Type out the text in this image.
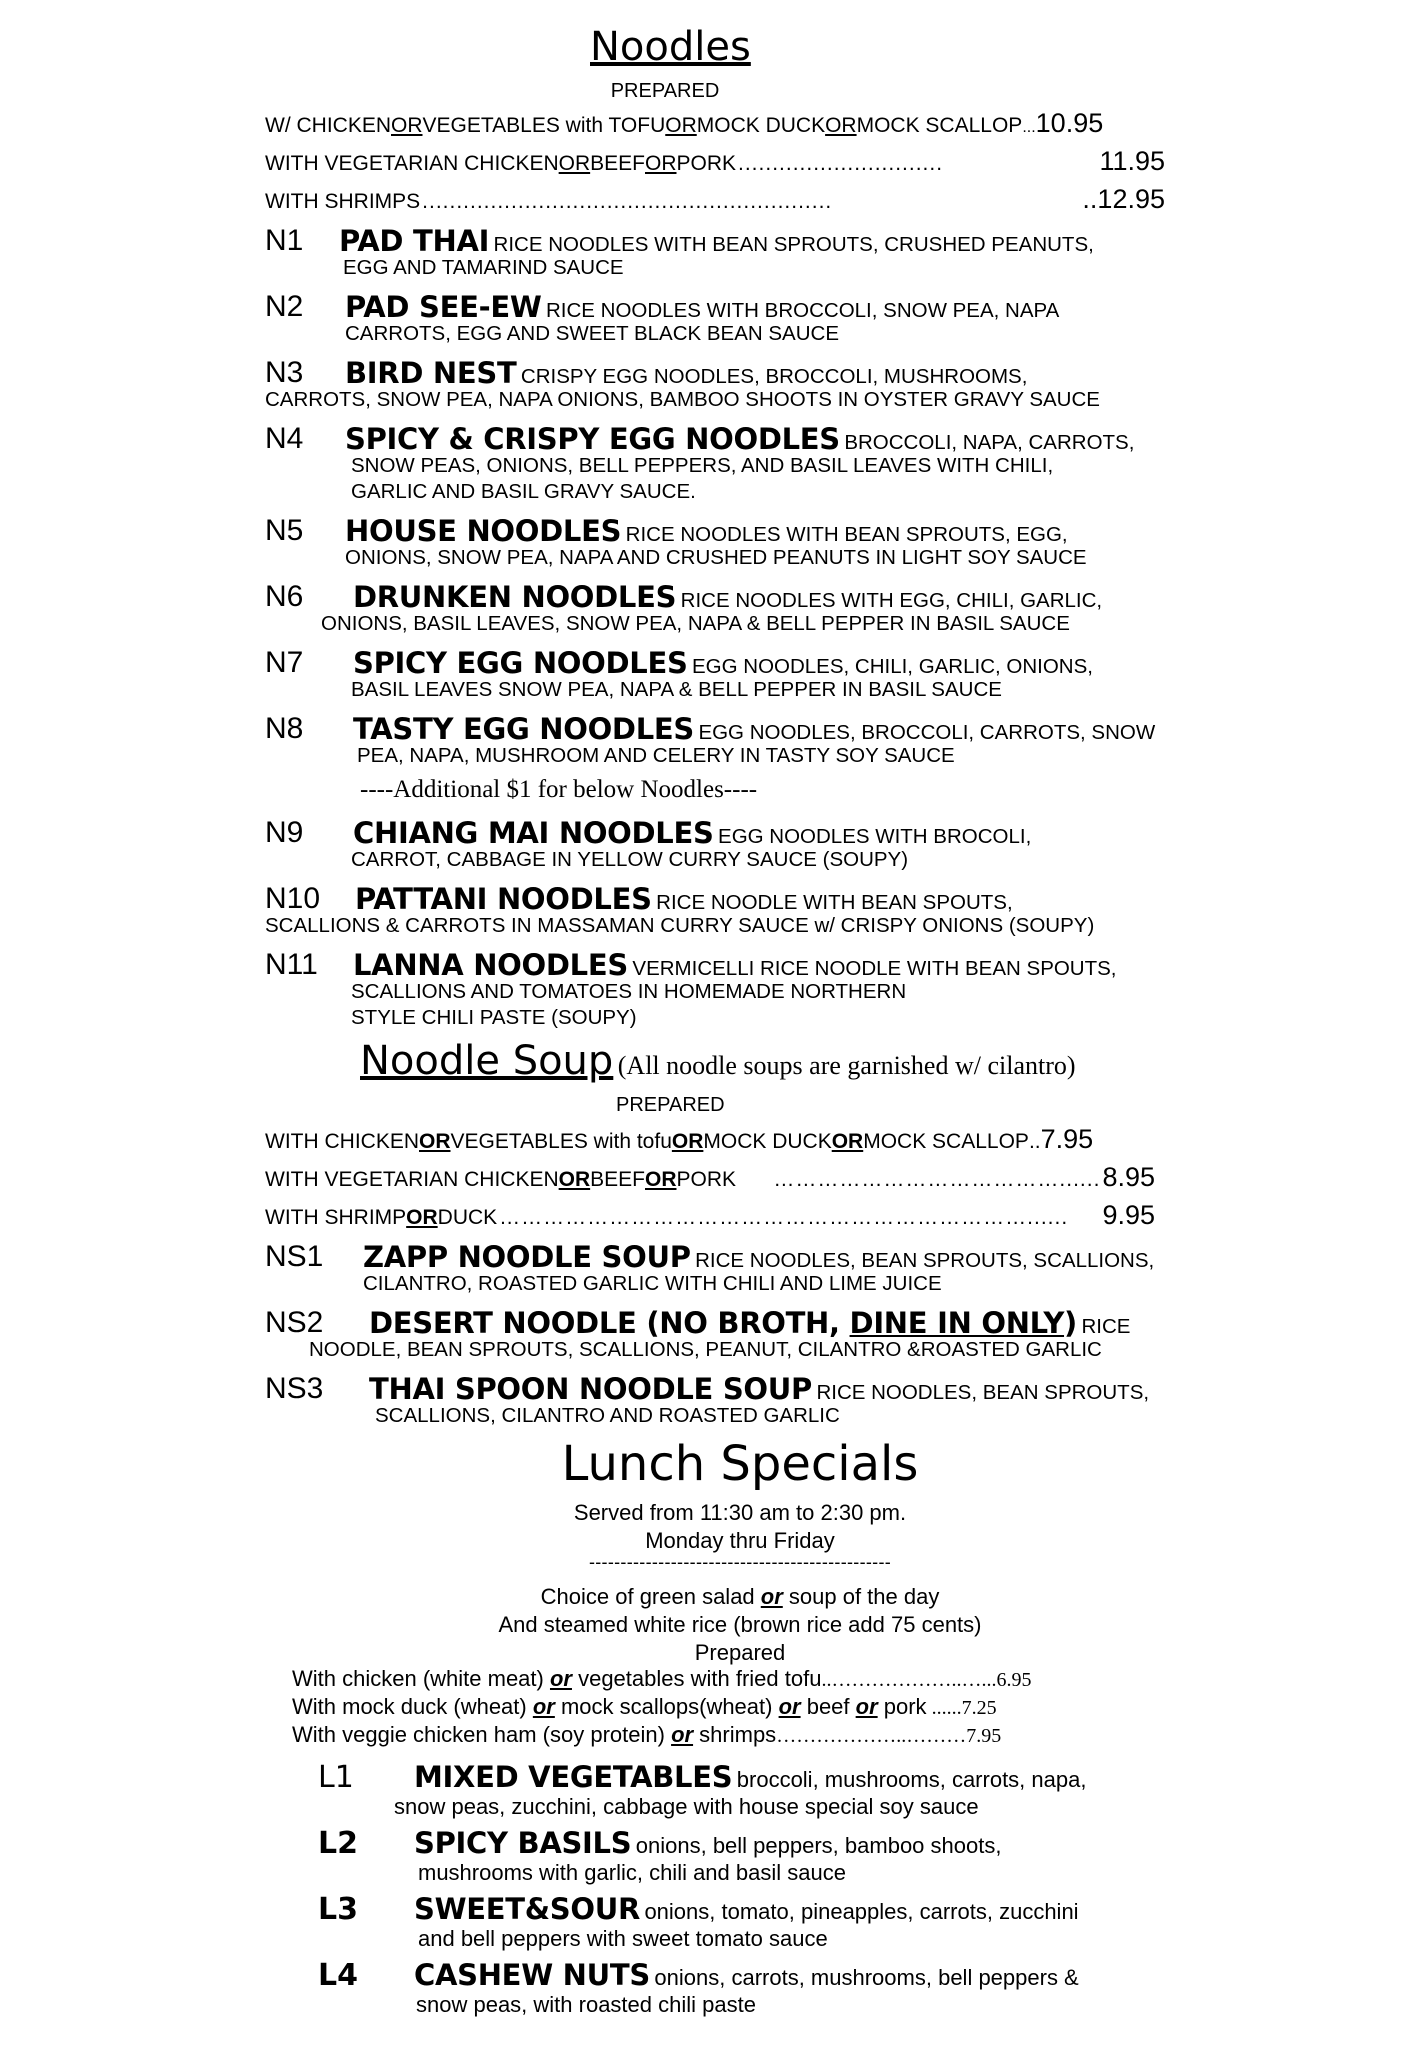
Noodles
PREPARED
W/ CHICKEN OR VEGETABLES with TOFU OR MOCK DUCK OR MOCK SCALLOP ... 10.95
WITH VEGETARIAN CHICKEN OR BEEF OR PORK ..............................	11.95
WITH SHRIMPS ............................................................	..12.95
N1	PAD THAI RICE NOODLES WITH BEAN SPROUTS, CRUSHED PEANUTS,
EGG AND TAMARIND SAUCE
N2	PAD SEE-EW RICE NOODLES WITH BROCCOLI, SNOW PEA, NAPA
CARROTS, EGG AND SWEET BLACK BEAN SAUCE
N3	BIRD NEST CRISPY EGG NOODLES, BROCCOLI, MUSHROOMS,
CARROTS, SNOW PEA, NAPA ONIONS, BAMBOO SHOOTS IN OYSTER GRAVY SAUCE
N4	SPICY & CRISPY EGG NOODLES BROCCOLI, NAPA, CARROTS,
SNOW PEAS, ONIONS, BELL PEPPERS, AND BASIL LEAVES WITH CHILI,
GARLIC AND BASIL GRAVY SAUCE.
N5	HOUSE NOODLES RICE NOODLES WITH BEAN SPROUTS, EGG,
ONIONS, SNOW PEA, NAPA AND CRUSHED PEANUTS IN LIGHT SOY SAUCE
N6	DRUNKEN NOODLES RICE NOODLES WITH EGG, CHILI, GARLIC,
ONIONS, BASIL LEAVES, SNOW PEA, NAPA & BELL PEPPER IN BASIL SAUCE
N7	SPICY EGG NOODLES EGG NOODLES, CHILI, GARLIC, ONIONS,
BASIL LEAVES SNOW PEA, NAPA & BELL PEPPER IN BASIL SAUCE
N8	TASTY EGG NOODLES EGG NOODLES, BROCCOLI, CARROTS, SNOW
PEA, NAPA, MUSHROOM AND CELERY IN TASTY SOY SAUCE
----Additional $1 for below Noodles----
N9	CHIANG MAI NOODLES EGG NOODLES WITH BROCOLI,
CARROT, CABBAGE IN YELLOW CURRY SAUCE (SOUPY)
N10	PATTANI NOODLES RICE NOODLE WITH BEAN SPOUTS,
SCALLIONS & CARROTS IN MASSAMAN CURRY SAUCE w/ CRISPY ONIONS (SOUPY)
N11	LANNA NOODLES VERMICELLI RICE NOODLE WITH BEAN SPOUTS,
SCALLIONS AND TOMATOES IN HOMEMADE NORTHERN
STYLE CHILI PASTE (SOUPY)
Noodle Soup (All noodle soups are garnished w/ cilantro)
PREPARED
WITH CHICKEN OR VEGETABLES with tofu OR MOCK DUCK OR MOCK SCALLOP .. 7.95
WITH VEGETARIAN CHICKEN OR BEEF OR PORK	…………………………………...... 8.95
WITH SHRIMP OR DUCK ………………………………………………………………......	9.95
NS1	ZAPP NOODLE SOUP RICE NOODLES, BEAN SPROUTS, SCALLIONS,
CILANTRO, ROASTED GARLIC WITH CHILI AND LIME JUICE
NS2	DESERT NOODLE (NO BROTH, DINE IN ONLY) RICE
NOODLE, BEAN SPROUTS, SCALLIONS, PEANUT, CILANTRO &ROASTED GARLIC
NS3	THAI SPOON NOODLE SOUP RICE NOODLES, BEAN SPROUTS,
SCALLIONS, CILANTRO AND ROASTED GARLIC
Lunch Specials
Served from 11:30 am to 2:30 pm.
Monday thru Friday
------------------------------------------------
Choice of green salad or soup of the day
And steamed white rice (brown rice add 75 cents)
Prepared
With chicken (white meat) or vegetables with fried tofu..………………..…...6.95
With mock duck (wheat) or mock scallops(wheat) or beef or pork ......7.25
With veggie chicken ham (soy protein) or shrimps………………..………7.95
L1	MIXED VEGETABLES broccoli, mushrooms, carrots, napa,
snow peas, zucchini, cabbage with house special soy sauce
L2	SPICY BASILS onions, bell peppers, bamboo shoots,
mushrooms with garlic, chili and basil sauce
L3	SWEET&SOUR onions, tomato, pineapples, carrots, zucchini
and bell peppers with sweet tomato sauce
L4	CASHEW NUTS onions, carrots, mushrooms, bell peppers &
snow peas, with roasted chili paste
